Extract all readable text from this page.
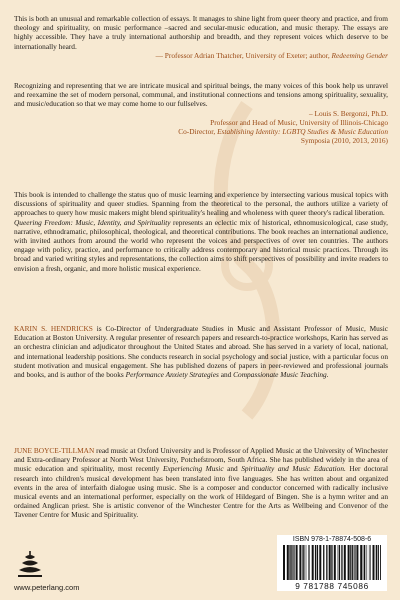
This is both an unusual and remarkable collection of essays. It manages to shine light from queer theory and practice, and from theology and spirituality, on music performance –sacred and secular-music education, and music therapy. The essays are highly accessible. They have a truly international authorship and breadth, and they represent voices which deserve to be internationally heard.

— Professor Adrian Thatcher, University of Exeter; author, Redeeming Gender

Recognizing and representing that we are intricate musical and spiritual beings, the many voices of this book help us unravel and reexamine the set of modern personal, communal, and institutional connections and tensions among spirituality, sexuality, and music/education so that we may come home to our fullselves.

– Louis S. Bergonzi, Ph.D.

Professor and Head of Music, University of Illinois-Chicago

Co-Director, Establishing Identity: LGBTQ Studies & Music Education

Symposia (2010, 2013, 2016)

This book is intended to challenge the status quo of music learning and experience by intersecting various musical topics with discussions of spirituality and queer studies. Spanning from the theoretical to the personal, the authors utilize a variety of approaches to query how music makers might blend spirituality's healing and wholeness with queer theory's radical liberation.

Queering Freedom: Music, Identity, and Spirituality represents an eclectic mix of historical, ethnomusicological, case study, narrative, ethnodramatic, philosophical, theological, and theoretical contributions. The book reaches an international audience, with invited authors from around the world who represent the voices and perspectives of over ten countries. The authors engage with policy, practice, and performance to critically address contemporary and historical music practices. Through its broad and varied writing styles and representations, the collection aims to shift perspectives of possibility and invite readers to envision a fresh, organic, and more holistic musical experience.

KARIN S. HENDRICKS is Co-Director of Undergraduate Studies in Music and Assistant Professor of Music, Music Education at Boston University. A regular presenter of research papers and research-to-practice workshops, Karin has served as an orchestra clinician and adjudicator throughout the United States and abroad. She has served in a variety of local, national, and international leadership positions. She conducts research in social psychology and social justice, with a particular focus on student motivation and musical engagement. She has published dozens of papers in peer-reviewed and professional journals and books, and is author of the books Performance Anxiety Strategies and Compassionate Music Teaching.

JUNE BOYCE-TILLMAN read music at Oxford University and is Professor of Applied Music at the University of Winchester and Extra-ordinary Professor at North West University, Potchefstroom, South Africa. She has published widely in the area of music education and spirituality, most recently Experiencing Music and Spirituality and Music Education. Her doctoral research into children's musical development has been translated into five languages. She has written about and organized events in the area of interfaith dialogue using music. She is a composer and conductor concerned with radically inclusive musical events and an international performer, especially on the work of Hildegard of Bingen. She is a hymn writer and an ordained Anglican priest. She is artistic convenor of the Winchester Centre for the Arts as Wellbeing and Convenor of the Tavener Centre for Music and Spirituality.

www.peterlang.com
ISBN 978-1-78874-508-6
9 781788 745086
